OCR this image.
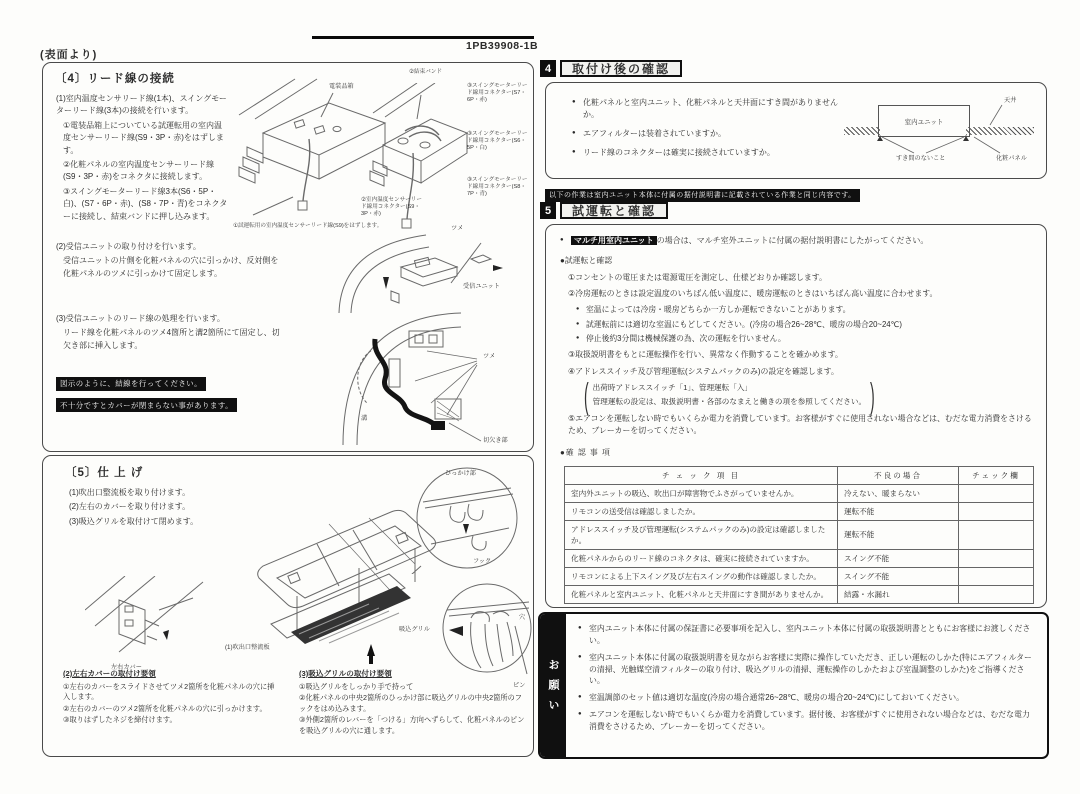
(表面より)
1PB39908-1B
〔4〕リード線の接続

(1)室内温度センサリード線(1本)、スイングモーターリード線(3本)の接続を行います。

①電装品箱上についている試運転用の室内温度センサーリード線(S9・3P・赤)をはずします。

②化粧パネルの室内温度センサーリード線(S9・3P・赤)をコネクタに接続します。

③スイングモーターリード線3本(S6・5P・白)、(S7・6P・赤)、(S8・7P・青)をコネクターに接続し、結束バンドに押し込みます。

電装品箱
①試運転用の室内温度センサーリード線(S9)をはずします。
②結束バンド
③スイングモーターリード線用コネクター(S7・6P・赤)
③スイングモーターリード線用コネクター(S6・5P・白)
③スイングモーターリード線用コネクター(S8・7P・青)
②室内温度センサーリード線用コネクター(S9・3P・赤)

(2)受信ユニットの取り付けを行います。

受信ユニットの片側を化粧パネルの穴に引っかけ、反対側を化粧パネルのツメに引っかけて固定します。

ツメ
受信ユニット

(3)受信ユニットのリード線の処理を行います。

リード線を化粧パネルのツメ4箇所と溝2箇所にて固定し、切欠き部に挿入します。

図示のように、結線を行ってください。
不十分ですとカバーが閉まらない事があります。
ツメ
溝
切欠き部
〔5〕仕 上 げ

(1)吹出口整流板を取り付けます。

(2)左右のカバーを取り付けます。

(3)吸込グリルを取付けて閉めます。

ひっかけ部
フック
左右カバー
(1)吹出口整流板
吸込グリル
穴
ピン

(2)左右カバーの取付け要領

①左右のカバーをスライドさせてツメ2箇所を化粧パネルの穴に挿入します。

②左右のカバーのツメ2箇所を化粧パネルの穴に引っかけます。

③取りはずしたネジを締付けます。

(3)吸込グリルの取付け要領

①吸込グリルをしっかり手で持って

②化粧パネルの中央2箇所のひっかけ部に吸込グリルの中央2箇所のフックをはめ込みます。

③外側2箇所のレバーを「つける」方向へずらして、化粧パネルのピンを吸込グリルの穴に通します。

4	取付け後の確認
● 化粧パネルと室内ユニット、化粧パネルと天井面にすき間がありませんか。
● エアフィルターは装着されていますか。
● リード線のコネクターは確実に接続されていますか。
室内ユニット
天井
すき間のないこと	化粧パネル
以下の作業は室内ユニット本体に付属の据付説明書に記載されている作業と同じ内容です。
5	試運転と確認
● マルチ用室内ユニット の場合は、マルチ室外ユニットに付属の据付説明書にしたがってください。
●試運転と確認
①コンセントの電圧または電源電圧を測定し、仕様どおりか確認します。
②冷房運転のときは設定温度のいちばん低い温度に、暖房運転のときはいちばん高い温度に合わせます。
● 室温によっては冷房・暖房どちらか一方しか運転できないことがあります。
● 試運転前には適切な室温にもどしてください。(冷房の場合26~28℃、暖房の場合20~24℃)
● 停止後約3分間は機械保護の為、次の運転を行いません。
③取扱説明書をもとに運転操作を行い、異常なく作動することを確かめます。
④アドレススイッチ及び管理運転(システムパックのみ)の設定を確認します。
( 出荷時アドレススイッチ「1」、管理運転「入」
管理運転の設定は、取扱説明書・各部のなまえと働きの項を参照してください。
)
⑤エアコンを運転しない時でもいくらか電力を消費しています。お客様がすぐに使用されない場合などは、むだな電力消費をさけるため、ブレーカーを切ってください。
●確 認 事 項
チ ェ ッ ク 項 目	不良の場合	チェック欄
室内外ユニットの吸込、吹出口が障害物でふさがっていませんか。	冷えない、暖まらない	
リモコンの送受信は確認しましたか。	運転不能	
アドレススイッチ及び管理運転(システムパックのみ)の設定は確認しましたか。	運転不能	
化粧パネルからのリード線のコネクタは、確実に接続されていますか。	スイング不能	
リモコンによる上下スイング及び左右スイングの動作は確認しましたか。	スイング不能	
化粧パネルと室内ユニット、化粧パネルと天井面にすき間がありませんか。	結露・水漏れ	
お願い
● 室内ユニット本体に付属の保証書に必要事項を記入し、室内ユニット本体に付属の取扱説明書とともにお客様にお渡しください。
● 室内ユニット本体に付属の取扱説明書を見ながらお客様に実際に操作していただき、正しい運転のしかた(特にエアフィルターの清掃、光触媒空清フィルターの取り付け、吸込グリルの清掃、運転操作のしかたおよび室温調整のしかた)をご指導ください。
● 室温調節のセット値は適切な温度(冷房の場合通常26~28℃、暖房の場合20~24℃)にしておいてください。
● エアコンを運転しない時でもいくらか電力を消費しています。据付後、お客様がすぐに使用されない場合などは、むだな電力消費をさけるため、ブレーカーを切ってください。
